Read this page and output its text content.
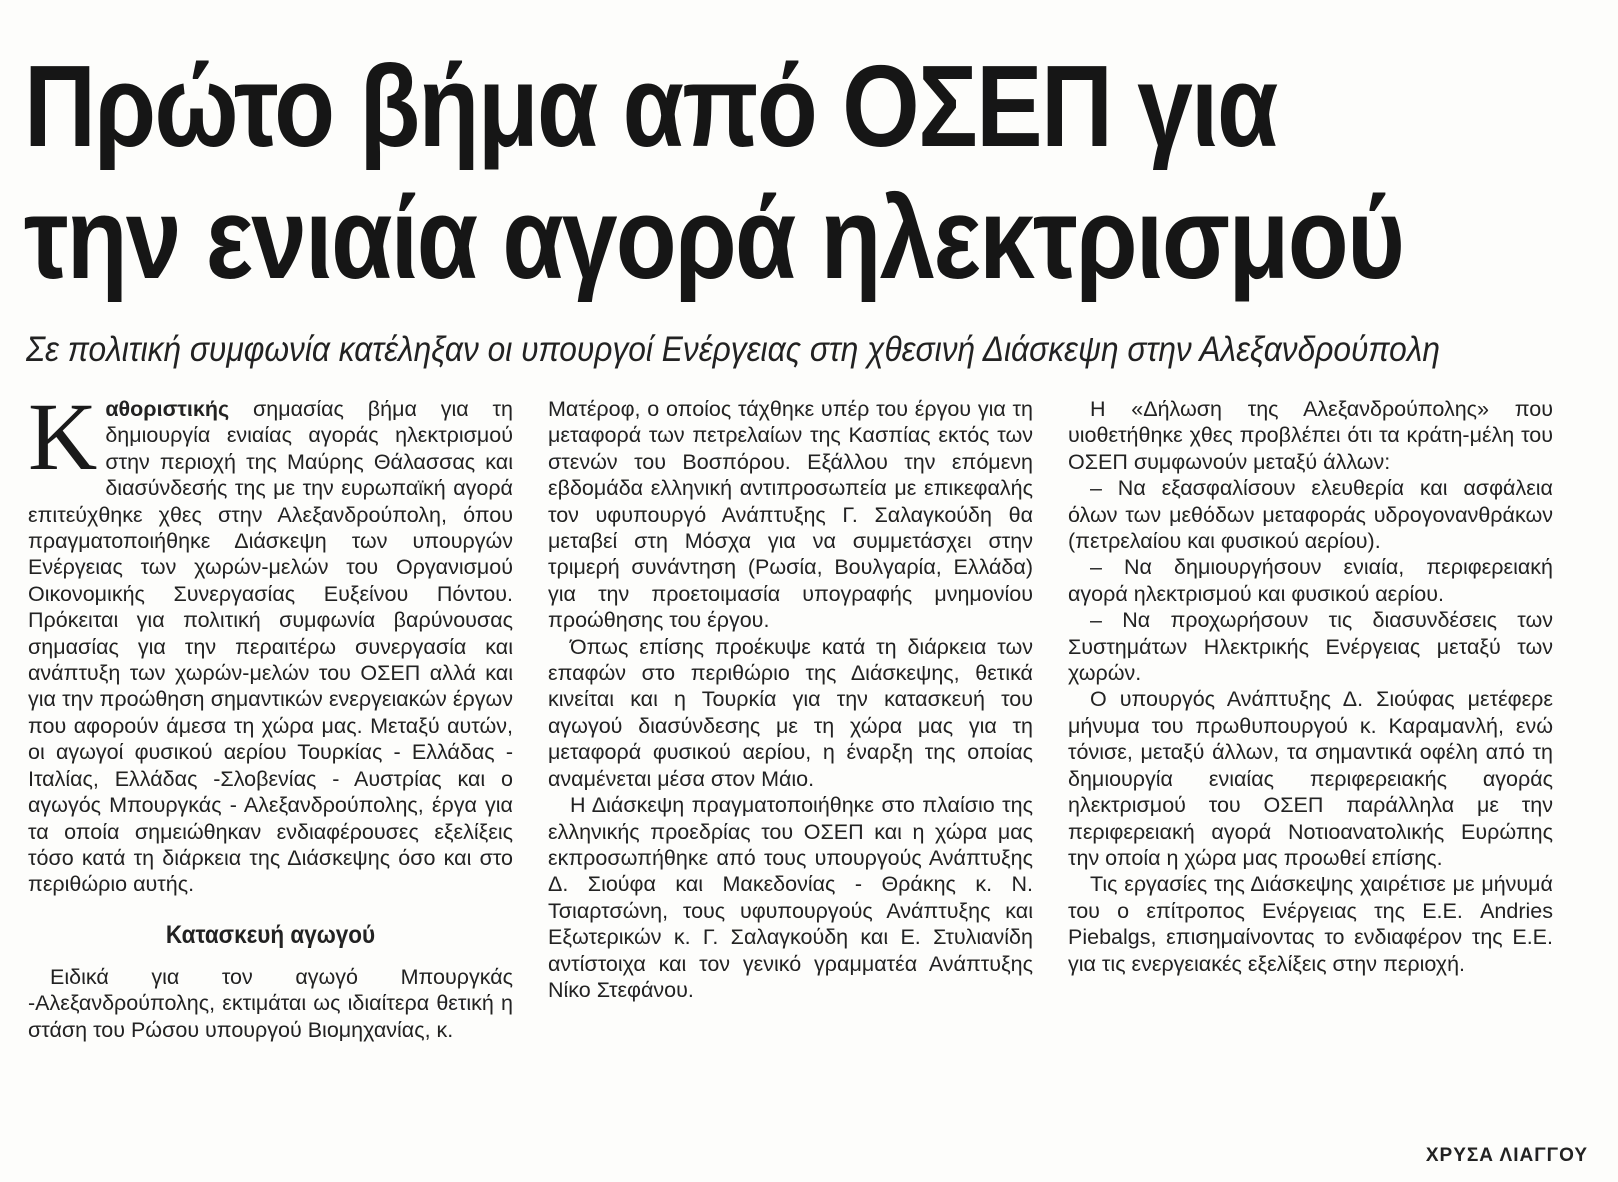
Πρώτο βήμα από ΟΣΕΠ για
την ενιαία αγορά ηλεκτρισμού

Σε πολιτική συμφωνία κατέληξαν οι υπουργοί Ενέργειας στη χθεσινή Διάσκεψη στην Αλεξανδρούπολη

Καθοριστικής σημασίας βήμα για τη δημιουργία ενιαίας αγοράς ηλεκτρισμού στην περιοχή της Μαύρης Θάλασσας και διασύνδεσής της με την ευρωπαϊκή αγορά επιτεύχθηκε χθες στην Αλεξανδρούπολη, όπου πραγματοποιήθηκε Διάσκεψη των υπουργών Ενέργειας των χωρών-μελών του Οργανισμού Οικονομικής Συνεργασίας Ευξείνου Πόντου. Πρόκειται για πολιτική συμφωνία βαρύνουσας σημασίας για την περαιτέρω συνεργασία και ανάπτυξη των χωρών-μελών του ΟΣΕΠ αλλά και για την προώθηση σημαντικών ενεργειακών έργων που αφορούν άμεσα τη χώρα μας. Μεταξύ αυτών, οι αγωγοί φυσικού αερίου Τουρκίας - Ελλάδας - Ιταλίας, Ελλάδας -Σλοβενίας - Αυστρίας και ο αγωγός Μπουργκάς - Αλεξανδρούπολης, έργα για τα οποία σημειώθηκαν ενδιαφέρουσες εξελίξεις τόσο κατά τη διάρκεια της Διάσκεψης όσο και στο περιθώριο αυτής.

Κατασκευή αγωγού

Ειδικά για τον αγωγό Μπουργκάς -Αλεξανδρούπολης, εκτιμάται ως ιδιαίτερα θετική η στάση του Ρώσου υπουργού Βιομηχανίας, κ.

Ματέροφ, ο οποίος τάχθηκε υπέρ του έργου για τη μεταφορά των πετρελαίων της Κασπίας εκτός των στενών του Βοσπόρου. Εξάλλου την επόμενη εβδομάδα ελληνική αντιπροσωπεία με επικεφαλής τον υφυπουργό Ανάπτυξης Γ. Σαλαγκούδη θα μεταβεί στη Μόσχα για να συμμετάσχει στην τριμερή συνάντηση (Ρωσία, Βουλγαρία, Ελλάδα) για την προετοιμασία υπογραφής μνημονίου προώθησης του έργου.

Όπως επίσης προέκυψε κατά τη διάρκεια των επαφών στο περιθώριο της Διάσκεψης, θετικά κινείται και η Τουρκία για την κατασκευή του αγωγού διασύνδεσης με τη χώρα μας για τη μεταφορά φυσικού αερίου, η έναρξη της οποίας αναμένεται μέσα στον Μάιο.

Η Διάσκεψη πραγματοποιήθηκε στο πλαίσιο της ελληνικής προεδρίας του ΟΣΕΠ και η χώρα μας εκπροσωπήθηκε από τους υπουργούς Ανάπτυξης Δ. Σιούφα και Μακεδονίας - Θράκης κ. Ν. Τσιαρτσώνη, τους υφυπουργούς Ανάπτυξης και Εξωτερικών κ. Γ. Σαλαγκούδη και Ε. Στυλιανίδη αντίστοιχα και τον γενικό γραμματέα Ανάπτυξης Νίκο Στεφάνου.

Η «Δήλωση της Αλεξανδρούπολης» που υιοθετήθηκε χθες προβλέπει ότι τα κράτη-μέλη του ΟΣΕΠ συμφωνούν μεταξύ άλλων:

– Να εξασφαλίσουν ελευθερία και ασφάλεια όλων των μεθόδων μεταφοράς υδρογονανθράκων (πετρελαίου και φυσικού αερίου).

– Να δημιουργήσουν ενιαία, περιφερειακή αγορά ηλεκτρισμού και φυσικού αερίου.

– Να προχωρήσουν τις διασυνδέσεις των Συστημάτων Ηλεκτρικής Ενέργειας μεταξύ των χωρών.

Ο υπουργός Ανάπτυξης Δ. Σιούφας μετέφερε μήνυμα του πρωθυπουργού κ. Καραμανλή, ενώ τόνισε, μεταξύ άλλων, τα σημαντικά οφέλη από τη δημιουργία ενιαίας περιφερειακής αγοράς ηλεκτρισμού του ΟΣΕΠ παράλληλα με την περιφερειακή αγορά Νοτιοανατολικής Ευρώπης την οποία η χώρα μας προωθεί επίσης.

Τις εργασίες της Διάσκεψης χαιρέτισε με μήνυμά του ο επίτροπος Ενέργειας της Ε.Ε. Andries Piebalgs, επισημαίνοντας το ενδιαφέρον της Ε.Ε. για τις ενεργειακές εξελίξεις στην περιοχή.

ΧΡΥΣΑ ΛΙΑΓΓΟΥ
